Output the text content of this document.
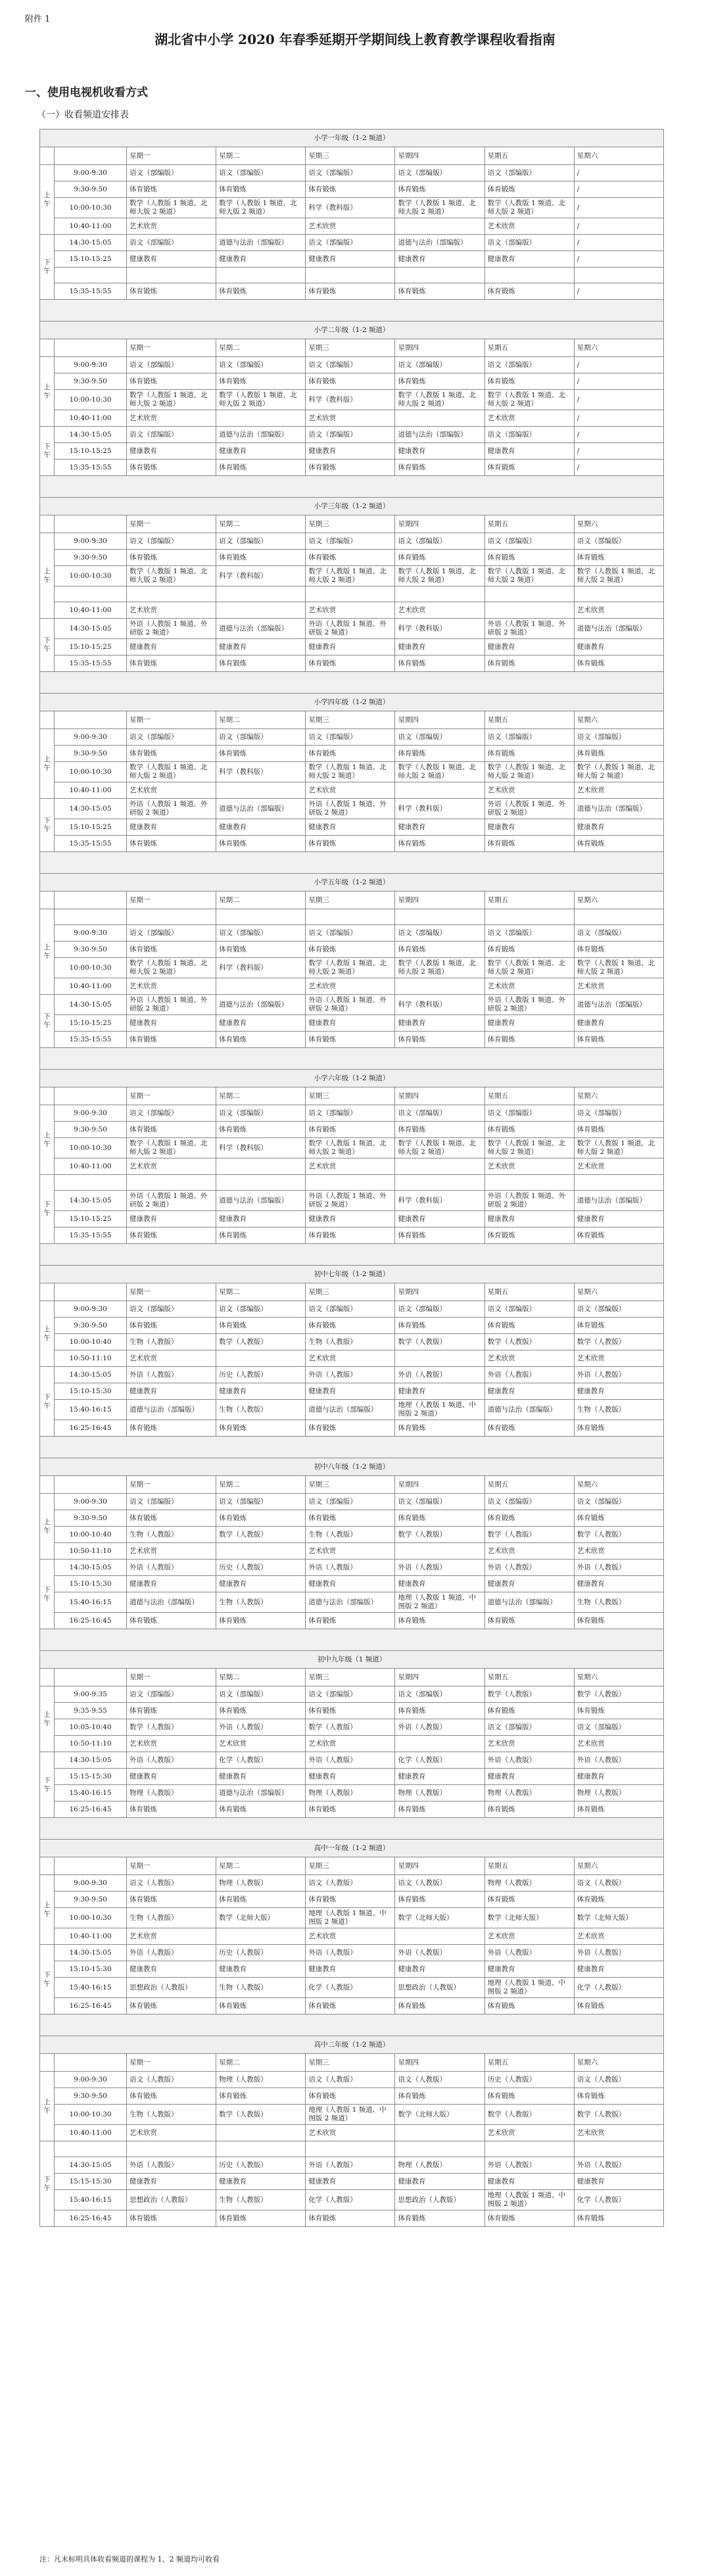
附件 1
湖北省中小学 2020 年春季延期开学期间线上教育教学课程收看指南
一、使用电视机收看方式
（一）收看频道安排表
小学一年级（1-2 频道）							
		星期一	星期二	星期三	星期四	星期五	星期六
上午	9:00-9:30	语文（部编版）	语文（部编版）	语文（部编版）	语文（部编版）	语文（部编版）	/
	9:30-9:50	体育锻炼	体育锻炼	体育锻炼	体育锻炼	体育锻炼	/
	10:00-10:30	数学（人教版 1 频道、北师大版 2 频道）	数学（人教版 1 频道、北师大版 2 频道）	科学（教科版）	数学（人教版 1 频道、北师大版 2 频道）	数学（人教版 1 频道、北师大版 2 频道）	/
	10:40-11:00	艺术欣赏		艺术欣赏		艺术欣赏	/
下午	14:30-15:05	语文（部编版）	道德与法治（部编版）	语文（部编版）	道德与法治（部编版）	语文（部编版）	/
	15:10-15:25	健康教育	健康教育	健康教育	健康教育	健康教育	/

	15:35-15:55	体育锻炼	体育锻炼	体育锻炼	体育锻炼	体育锻炼	/
小学二年级（1-2 频道）							
		星期一	星期二	星期三	星期四	星期五	星期六
上午	9:00-9:30	语文（部编版）	语文（部编版）	语文（部编版）	语文（部编版）	语文（部编版）	/
	9:30-9:50	体育锻炼	体育锻炼	体育锻炼	体育锻炼	体育锻炼	/
	10:00-10:30	数学（人教版 1 频道、北师大版 2 频道）	数学（人教版 1 频道、北师大版 2 频道）	科学（教科版）	数学（人教版 1 频道、北师大版 2 频道）	数学（人教版 1 频道、北师大版 2 频道）	/
	10:40-11:00	艺术欣赏		艺术欣赏		艺术欣赏	/
下午	14:30-15:05	语文（部编版）	道德与法治（部编版）	语文（部编版）	道德与法治（部编版）	语文（部编版）	/
	15:10-15:25	健康教育	健康教育	健康教育	健康教育	健康教育	/
	15:35-15:55	体育锻炼	体育锻炼	体育锻炼	体育锻炼	体育锻炼	/
小学三年级（1-2 频道）							
		星期一	星期二	星期三	星期四	星期五	星期六
上午	9:00-9:30	语文（部编版）	语文（部编版）	语文（部编版）	语文（部编版）	语文（部编版）	语文（部编版）
	9:30-9:50	体育锻炼	体育锻炼	体育锻炼	体育锻炼	体育锻炼	体育锻炼
	10:00-10:30	数学（人教版 1 频道、北师大版 2 频道）	科学（教科版）	数学（人教版 1 频道、北师大版 2 频道）	数学（人教版 1 频道、北师大版 2 频道）	数学（人教版 1 频道、北师大版 2 频道）	数学（人教版 1 频道、北师大版 2 频道）

	10:40-11:00	艺术欣赏		艺术欣赏	艺术欣赏		艺术欣赏
下午	14:30-15:05	外语（人教版 1 频道、外研版 2 频道）	道德与法治（部编版）	外语（人教版 1 频道、外研版 2 频道）	科学（教科版）	外语（人教版 1 频道、外研版 2 频道）	道德与法治（部编版）
	15:10-15:25	健康教育	健康教育	健康教育	健康教育	健康教育	健康教育
	15:35-15:55	体育锻炼	体育锻炼	体育锻炼	体育锻炼	体育锻炼	体育锻炼
小学四年级（1-2 频道）							
		星期一	星期二	星期三	星期四	星期五	星期六
上午	9:00-9:30	语文（部编版）	语文（部编版）	语文（部编版）	语文（部编版）	语文（部编版）	语文（部编版）
	9:30-9:50	体育锻炼	体育锻炼	体育锻炼	体育锻炼	体育锻炼	体育锻炼
	10:00-10:30	数学（人教版 1 频道、北师大版 2 频道）	科学（教科版）	数学（人教版 1 频道、北师大版 2 频道）	数学（人教版 1 频道、北师大版 2 频道）	数学（人教版 1 频道、北师大版 2 频道）	数学（人教版 1 频道、北师大版 2 频道）
	10:40-11:00	艺术欣赏		艺术欣赏		艺术欣赏	艺术欣赏
下午	14:30-15:05	外语（人教版 1 频道、外研版 2 频道）	道德与法治（部编版）	外语（人教版 1 频道、外研版 2 频道）	科学（教科版）	外语（人教版 1 频道、外研版 2 频道）	道德与法治（部编版）
	15:10-15:25	健康教育	健康教育	健康教育	健康教育	健康教育	健康教育
	15:35-15:55	体育锻炼	体育锻炼	体育锻炼	体育锻炼	体育锻炼	体育锻炼
小学五年级（1-2 频道）							
		星期一	星期二	星期三	星期四	星期五	星期六
上午							
	9:00-9:30	语文（部编版）	语文（部编版）	语文（部编版）	语文（部编版）	语文（部编版）	语文（部编版）
	9:30-9:50	体育锻炼	体育锻炼	体育锻炼	体育锻炼	体育锻炼	体育锻炼
	10:00-10:30	数学（人教版 1 频道、北师大版 2 频道）	科学（教科版）	数学（人教版 1 频道、北师大版 2 频道）	数学（人教版 1 频道、北师大版 2 频道）	数学（人教版 1 频道、北师大版 2 频道）	数学（人教版 1 频道、北师大版 2 频道）
	10:40-11:00	艺术欣赏		艺术欣赏		艺术欣赏	艺术欣赏
下午	14:30-15:05	外语（人教版 1 频道、外研版 2 频道）	道德与法治（部编版）	外语（人教版 1 频道、外研版 2 频道）	科学（教科版）	外语（人教版 1 频道、外研版 2 频道）	道德与法治（部编版）
	15:10-15:25	健康教育	健康教育	健康教育	健康教育	健康教育	健康教育
	15:35-15:55	体育锻炼	体育锻炼	体育锻炼	体育锻炼	体育锻炼	体育锻炼
小学六年级（1-2 频道）							
		星期一	星期二	星期三	星期四	星期五	星期六
上午	9:00-9:30	语文（部编版）	语文（部编版）	语文（部编版）	语文（部编版）	语文（部编版）	语文（部编版）
	9:30-9:50	体育锻炼	体育锻炼	体育锻炼	体育锻炼	体育锻炼	体育锻炼
	10:00-10:30	数学（人教版 1 频道、北师大版 2 频道）	科学（教科版）	数学（人教版 1 频道、北师大版 2 频道）	数学（人教版 1 频道、北师大版 2 频道）	数学（人教版 1 频道、北师大版 2 频道）	数学（人教版 1 频道、北师大版 2 频道）
	10:40-11:00	艺术欣赏		艺术欣赏		艺术欣赏	艺术欣赏
下午							
	14:30-15:05	外语（人教版 1 频道、外研版 2 频道）	道德与法治（部编版）	外语（人教版 1 频道、外研版 2 频道）	科学（教科版）	外语（人教版 1 频道、外研版 2 频道）	道德与法治（部编版）
	15:10-15:25	健康教育	健康教育	健康教育	健康教育	健康教育	健康教育
	15:35-15:55	体育锻炼	体育锻炼	体育锻炼	体育锻炼	体育锻炼	体育锻炼
初中七年级（1-2 频道）							
		星期一	星期二	星期三	星期四	星期五	星期六
上午	9:00-9:30	语文（部编版）	语文（部编版）	语文（部编版）	语文（部编版）	语文（部编版）	语文（部编版）
	9:30-9:50	体育锻炼	体育锻炼	体育锻炼	体育锻炼	体育锻炼	体育锻炼
	10:00-10:40	生物（人教版）	数学（人教版）	生物（人教版）	数学（人教版）	数学（人教版）	数学（人教版）
	10:50-11:10	艺术欣赏		艺术欣赏		艺术欣赏	艺术欣赏
下午	14:30-15:05	外语（人教版）	历史（人教版）	外语（人教版）	外语（人教版）	外语（人教版）	外语（人教版）
	15:10-15:30	健康教育	健康教育	健康教育	健康教育	健康教育	健康教育
	15:40-16:15	道德与法治（部编版）	生物（人教版）	道德与法治（部编版）	地理（人教版 1 频道、中图版 2 频道）	道德与法治（部编版）	生物（人教版）
	16:25-16:45	体育锻炼	体育锻炼	体育锻炼	体育锻炼	体育锻炼	体育锻炼
初中八年级（1-2 频道）							
		星期一	星期二	星期三	星期四	星期五	星期六
上午	9:00-9:30	语文（部编版）	语文（部编版）	语文（部编版）	语文（部编版）	语文（部编版）	语文（部编版）
	9:30-9:50	体育锻炼	体育锻炼	体育锻炼	体育锻炼	体育锻炼	体育锻炼
	10:00-10:40	生物（人教版）	数学（人教版）	生物（人教版）	数学（人教版）	数学（人教版）	数学（人教版）
	10:50-11:10	艺术欣赏		艺术欣赏		艺术欣赏	艺术欣赏
下午	14:30-15:05	外语（人教版）	历史（人教版）	外语（人教版）	外语（人教版）	外语（人教版）	外语（人教版）
	15:10-15:30	健康教育	健康教育	健康教育	健康教育	健康教育	健康教育
	15:40-16:15	道德与法治（部编版）	生物（人教版）	道德与法治（部编版）	地理（人教版 1 频道、中图版 2 频道）	道德与法治（部编版）	生物（人教版）
	16:25-16:45	体育锻炼	体育锻炼	体育锻炼	体育锻炼	体育锻炼	体育锻炼
初中九年级（1 频道）							
		星期一	星期二	星期三	星期四	星期五	星期六
上午	9:00-9:35	语文（部编版）	语文（部编版）	语文（部编版）	语文（部编版）	数学（人教版）	数学（人教版）
	9:35-9:55	体育锻炼	体育锻炼	体育锻炼	体育锻炼	体育锻炼	体育锻炼
	10:05-10:40	数学（人教版）	外语（人教版）	数学（人教版）	外语（人教版）	语文（部编版）	语文（部编版）
	10:50-11:10	艺术欣赏	艺术欣赏	艺术欣赏		艺术欣赏	艺术欣赏
下午	14:30-15:05	外语（人教版）	化学（人教版）	外语（人教版）	化学（人教版）	外语（人教版）	外语（人教版）
	15:15-15:30	健康教育	健康教育	健康教育	健康教育	健康教育	健康教育
	15:40-16:15	物理（人教版）	道德与法治（部编版）	物理（人教版）	物理（人教版）	物理（人教版）	物理（人教版）
	16:25-16:45	体育锻炼	体育锻炼	体育锻炼	体育锻炼	体育锻炼	体育锻炼
高中一年级（1-2 频道）							
		星期一	星期二	星期三	星期四	星期五	星期六
上午	9:00-9:30	语文（人教版）	物理（人教版）	语文（人教版）	语文（人教版）	物理（人教版）	语文（人教版）
	9:30-9:50	体育锻炼	体育锻炼	体育锻炼	体育锻炼	体育锻炼	体育锻炼
	10:00-10:30	生物（人教版）	数学（北师大版）	地理（人教版 1 频道、中图版 2 频道）	数学（北师大版）	数学（北师大版）	数学（北师大版）
	10:40-11:00	艺术欣赏		艺术欣赏		艺术欣赏	艺术欣赏
下午	14:30-15:05	外语（人教版）	历史（人教版）	外语（人教版）	外语（人教版）	外语（人教版）	外语（人教版）
	15:10-15:30	健康教育	健康教育	健康教育	健康教育	健康教育	健康教育
	15:40-16:15	思想政治（人教版）	生物（人教版）	化学（人教版）	思想政治（人教版）	地理（人教版 1 频道、中图版 2 频道）	化学（人教版）
	16:25-16:45	体育锻炼	体育锻炼	体育锻炼	体育锻炼	体育锻炼	体育锻炼
高中二年级（1-2 频道）							
		星期一	星期二	星期三	星期四	星期五	星期六
上午	9:00-9:30	语文（人教版）	物理（人教版）	语文（人教版）	语文（人教版）	历史（人教版）	语文（人教版）
	9:30-9:50	体育锻炼	体育锻炼	体育锻炼	体育锻炼	体育锻炼	体育锻炼
	10:00-10:30	生物（人教版）	数学（人教版）	地理（人教版 1 频道、中图版 2 频道）	数学（北师大版）	数学（人教版）	数学（人教版）
	10:40-11:00	艺术欣赏		艺术欣赏		艺术欣赏	艺术欣赏
下午							
	14:30-15:05	外语（人教版）	历史（人教版）	外语（人教版）	物理（人教版）	外语（人教版）	外语（人教版）
	15:15-15:30	健康教育	健康教育	健康教育	健康教育	健康教育	健康教育
	15:40-16:15	思想政治（人教版）	生物（人教版）	化学（人教版）	思想政治（人教版）	地理（人教版 1 频道、中图版 2 频道）	化学（人教版）
	16:25-16:45	体育锻炼	体育锻炼	体育锻炼	体育锻炼	体育锻炼	体育锻炼
注：凡未标明具体收看频道的课程为 1、2 频道均可收看
